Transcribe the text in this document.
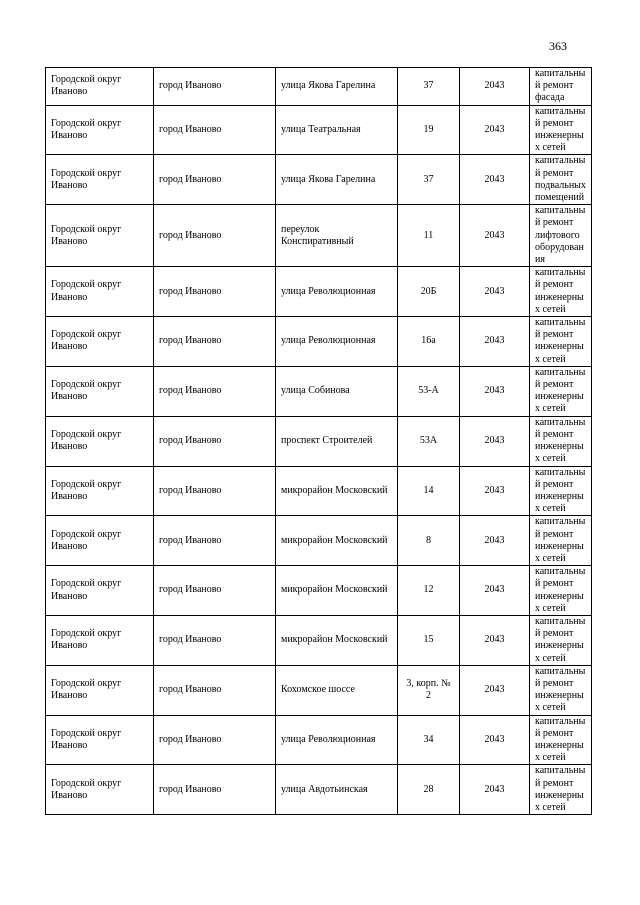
363
Городской округ Иваново	город Иваново	улица Якова Гарелина	37	2043	капитальный ремонт фасада
Городской округ Иваново	город Иваново	улица Театральная	19	2043	капитальный ремонт инженерных сетей
Городской округ Иваново	город Иваново	улица Якова Гарелина	37	2043	капитальный ремонт подвальных помещений
Городской округ Иваново	город Иваново	переулок Конспиративный	11	2043	капитальный ремонт лифтового оборудования
Городской округ Иваново	город Иваново	улица Революционная	20Б	2043	капитальный ремонт инженерных сетей
Городской округ Иваново	город Иваново	улица Революционная	16а	2043	капитальный ремонт инженерных сетей
Городской округ Иваново	город Иваново	улица Собинова	53-А	2043	капитальный ремонт инженерных сетей
Городской округ Иваново	город Иваново	проспект Строителей	53А	2043	капитальный ремонт инженерных сетей
Городской округ Иваново	город Иваново	микрорайон Московский	14	2043	капитальный ремонт инженерных сетей
Городской округ Иваново	город Иваново	микрорайон Московский	8	2043	капитальный ремонт инженерных сетей
Городской округ Иваново	город Иваново	микрорайон Московский	12	2043	капитальный ремонт инженерных сетей
Городской округ Иваново	город Иваново	микрорайон Московский	15	2043	капитальный ремонт инженерных сетей
Городской округ Иваново	город Иваново	Кохомское шоссе	3, корп. № 2	2043	капитальный ремонт инженерных сетей
Городской округ Иваново	город Иваново	улица Революционная	34	2043	капитальный ремонт инженерных сетей
Городской округ Иваново	город Иваново	улица Авдотьинская	28	2043	капитальный ремонт инженерных сетей
